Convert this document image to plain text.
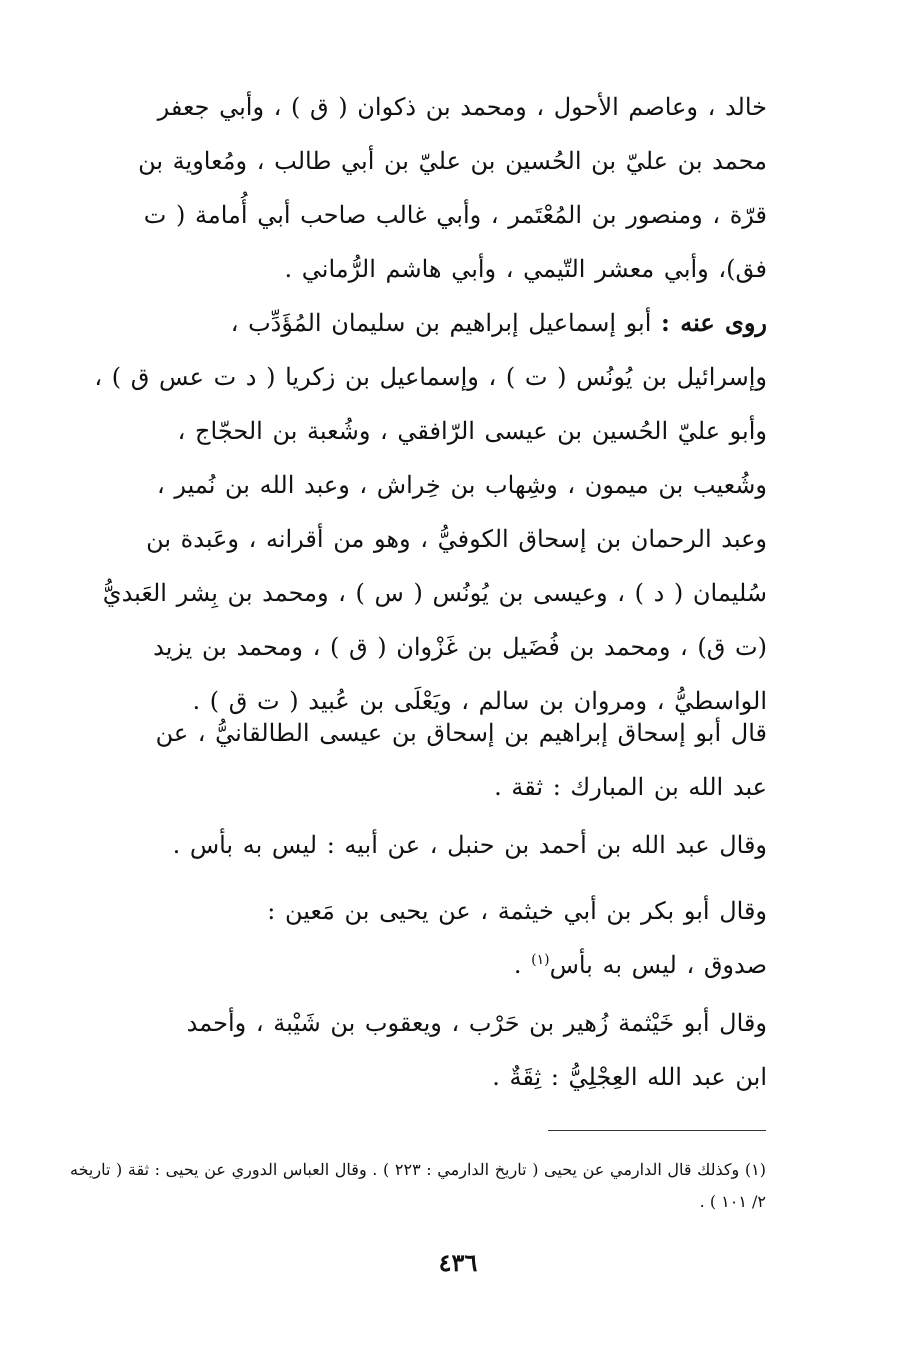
خالد ، وعاصم الأحول ، ومحمد بن ذكوان ( ق ) ، وأبي جعفر
محمد بن عليّ بن الحُسين بن عليّ بن أبي طالب ، ومُعاوية بن
قرّة ، ومنصور بن المُعْتَمر ، وأبي غالب صاحب أبي أُمامة ( ت
فق)، وأبي معشر التّيمي ، وأبي هاشم الرُّماني .
روى عنه : أبو إسماعيل إبراهيم بن سليمان المُؤَدِّب ،
وإسرائيل بن يُونُس ( ت ) ، وإسماعيل بن زكريا ( د ت عس ق ) ،
وأبو عليّ الحُسين بن عيسى الرّافقي ، وشُعبة بن الحجّاج ،
وشُعيب بن ميمون ، وشِهاب بن خِراش ، وعبد الله بن نُمير ،
وعبد الرحمان بن إسحاق الكوفيُّ ، وهو من أقرانه ، وعَبدة بن
سُليمان ( د ) ، وعيسى بن يُونُس ( س ) ، ومحمد بن بِشر العَبديُّ
(ت ق) ، ومحمد بن فُضَيل بن غَزْوان ( ق ) ، ومحمد بن يزيد
الواسطيُّ ، ومروان بن سالم ، ويَعْلَى بن عُبيد ( ت ق ) .
قال أبو إسحاق إبراهيم بن إسحاق بن عيسى الطالقانيُّ ، عن
عبد الله بن المبارك : ثقة .
وقال عبد الله بن أحمد بن حنبل ، عن أبيه : ليس به بأس .
وقال أبو بكر بن أبي خيثمة ، عن يحيى بن مَعين :
صدوق ، ليس به بأس$^{(١)}$ .
وقال أبو خَيْثمة زُهير بن حَرْب ، ويعقوب بن شَيْبة ، وأحمد
ابن عبد الله العِجْلِيُّ : ثِقَةٌ .
(١) وكذلك قال الدارمي عن يحيى ( تاريخ الدارمي : ٢٢٣ ) . وقال العباس الدوري عن يحيى : ثقة ( تاريخه ٢/ ١٠١ ) .
٤٣٦
